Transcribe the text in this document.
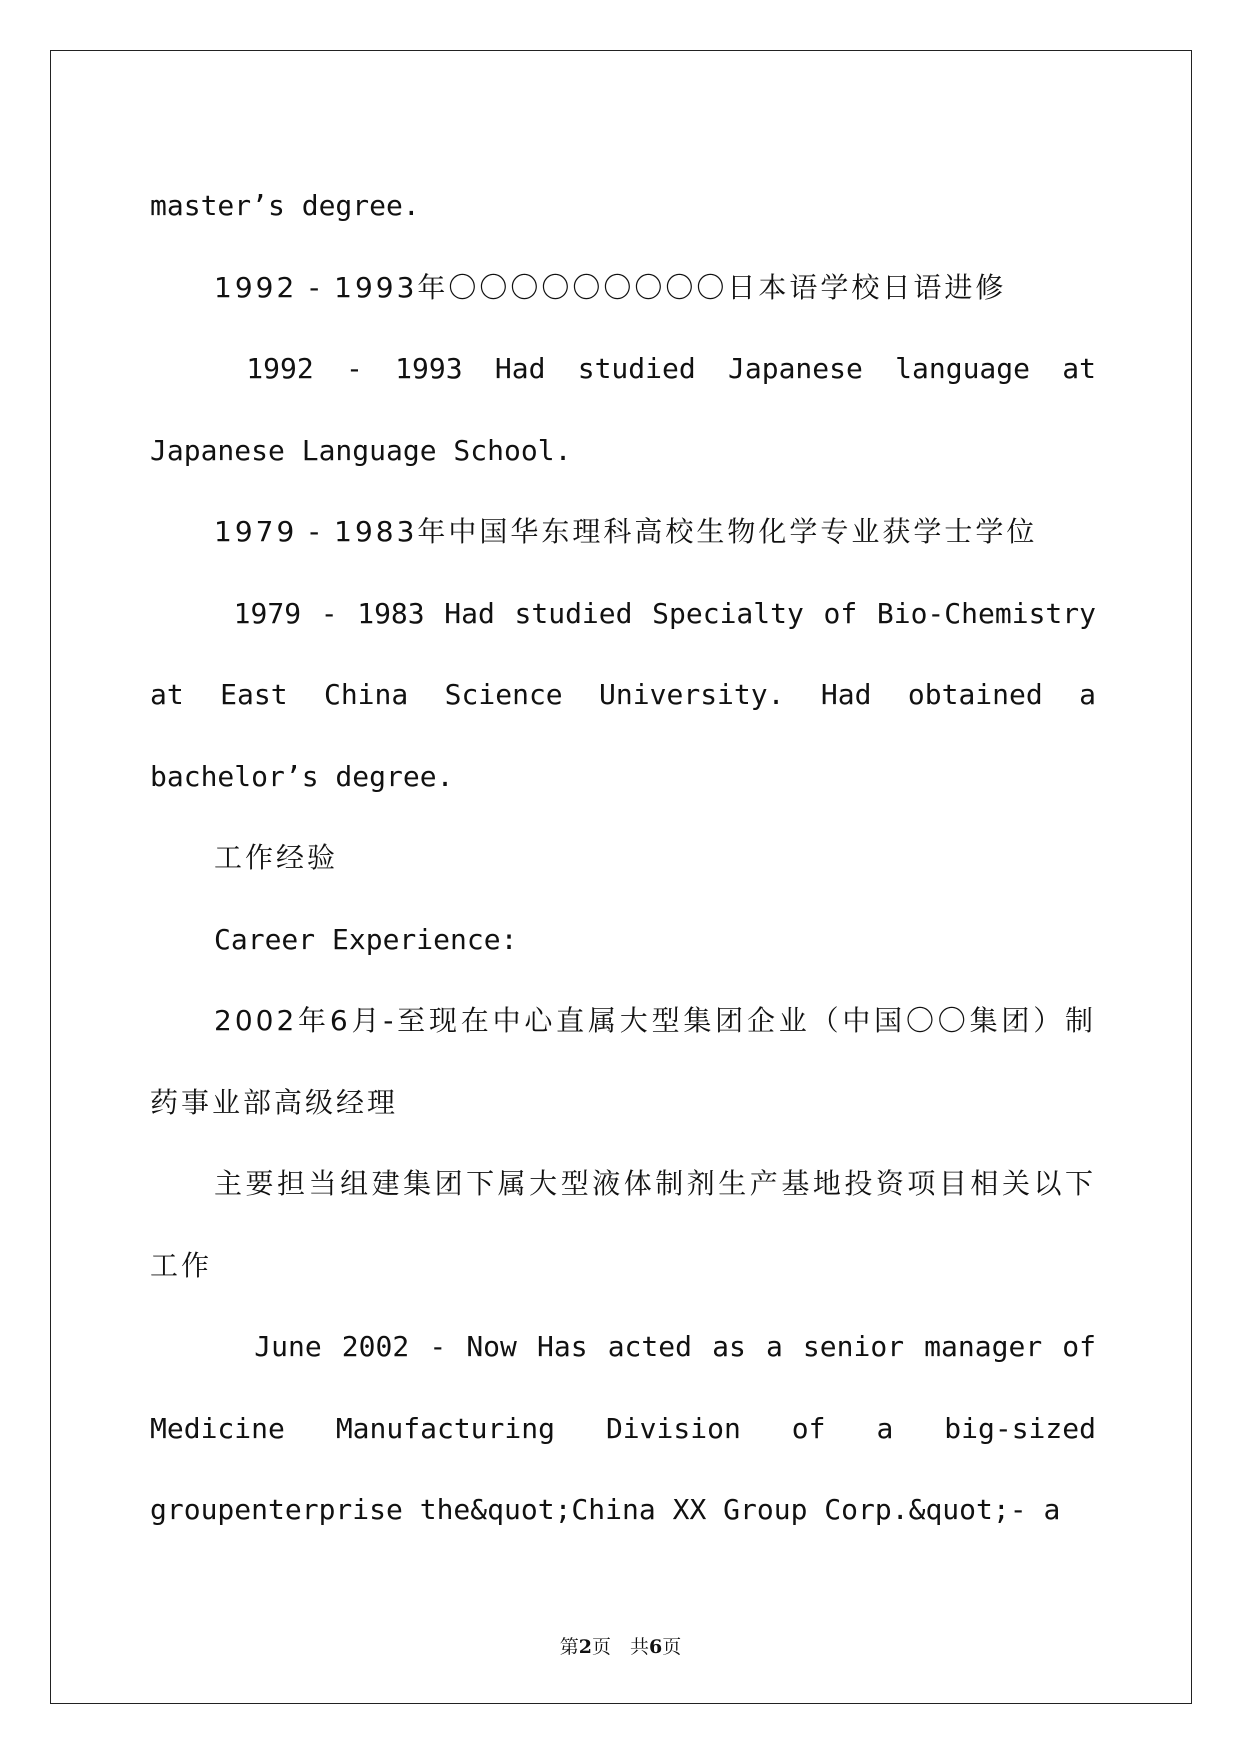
master’s degree.

1992 - 1993年〇〇〇〇〇〇〇〇〇日本语学校日语进修

1992 - 1993 Had studied Japanese language at Japanese Language School.

1979 - 1983年中国华东理科高校生物化学专业获学士学位

1979 - 1983 Had studied Specialty of Bio-Chemistry at East China Science University. Had obtained a bachelor’s degree.

工作经验

Career Experience:

2002年6月-至现在中心直属大型集团企业（中国〇〇集团）制药事业部高级经理

主要担当组建集团下属大型液体制剂生产基地投资项目相关以下工作

June 2002 - Now Has acted as a senior manager of Medicine Manufacturing Division of a big-sized groupenterprise the&quot;China XX Group Corp.&quot;- a

第2页　共6页
